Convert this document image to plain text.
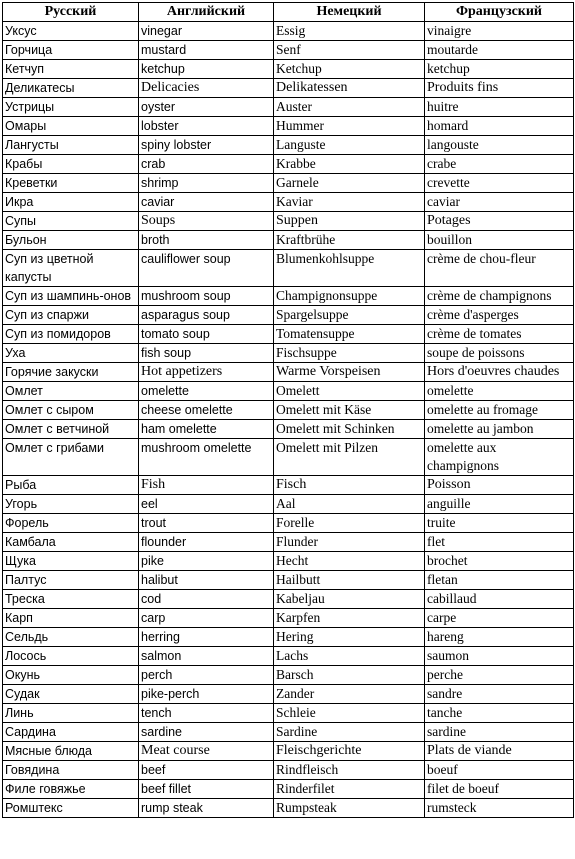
Русский	Английский	Немецкий	Французский
Уксус	vinegar	Essig	vinaigre
Горчица	mustard	Senf	moutarde
Кетчуп	ketchup	Ketchup	ketchup
Деликатесы	Delicacies	Delikatessen	Produits fins
Устрицы	oyster	Auster	huitre
Омары	lobster	Hummer	homard
Лангусты	spiny lobster	Languste	langouste
Крабы	crab	Krabbe	crabe
Креветки	shrimp	Garnele	crevette
Икра	caviar	Kaviar	caviar
Супы	Soups	Suppen	Potages
Бульон	broth	Kraftbrühe	bouillon
Суп из цветной капусты	cauliflower soup	Blumenkohlsuppe	crème de chou-fleur
Суп из шампинь-онов	mushroom soup	Champignonsuppe	crème de champignons
Суп из спаржи	asparagus soup	Spargelsuppe	crème d'asperges
Суп из помидоров	tomato soup	Tomatensuppe	crème de tomates
Уха	fish soup	Fischsuppe	soupe de poissons
Горячие закуски	Hot appetizers	Warme Vorspeisen	Hors d'oeuvres chaudes
Омлет	omelette	Omelett	omelette
Омлет с сыром	cheese omelette	Omelett mit Käse	omelette au fromage
Омлет с ветчиной	ham omelette	Omelett mit Schinken	omelette au jambon
Омлет с грибами	mushroom omelette	Omelett mit Pilzen	omelette aux champignons
Рыба	Fish	Fisch	Poisson
Угорь	eel	Aal	anguille
Форель	trout	Forelle	truite
Камбала	flounder	Flunder	flet
Щука	pike	Hecht	brochet
Палтус	halibut	Hailbutt	fletan
Треска	cod	Kabeljau	cabillaud
Карп	carp	Karpfen	carpe
Сельдь	herring	Hering	hareng
Лосось	salmon	Lachs	saumon
Окунь	perch	Barsch	perche
Судак	pike-perch	Zander	sandre
Линь	tench	Schleie	tanche
Сардина	sardine	Sardine	sardine
Мясные блюда	Meat course	Fleischgerichte	Plats de viande
Говядина	beef	Rindfleisch	boeuf
Филе говяжье	beef fillet	Rinderfilet	filet de boeuf
Ромштекс	rump steak	Rumpsteak	rumsteck
